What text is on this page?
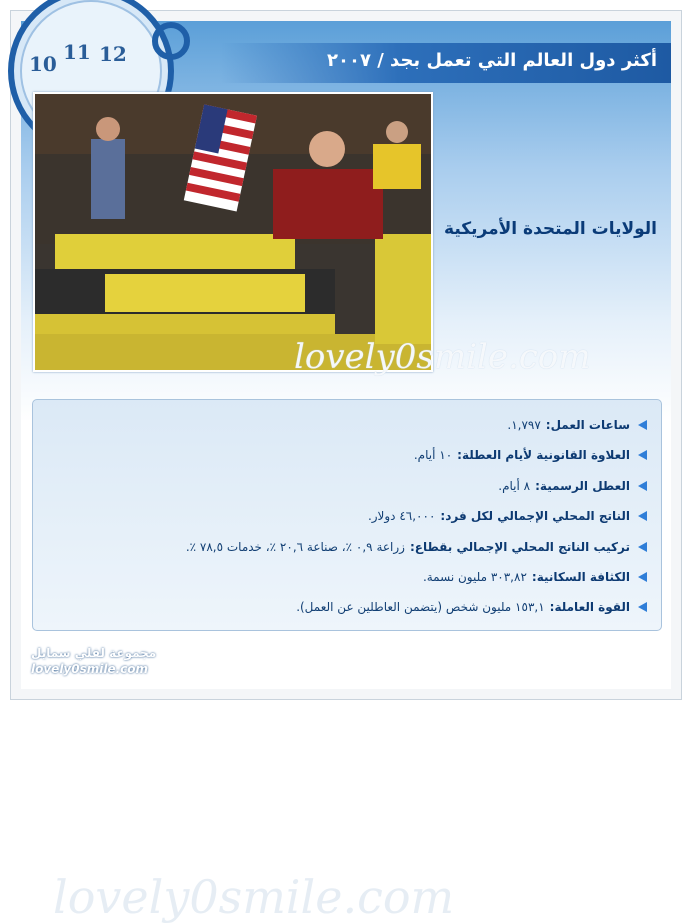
10 11 12	أكثر دول العالم التي تعمل بجد / ٢٠٠٧
الولايات المتحدة الأمريكية
lovely0smile.com
lovely0smile.com
ساعات العمل:
١,٧٩٧.
العلاوة القانونية لأيام العطلة:
١٠ أيام.
العطل الرسمية:
٨ أيام.
الناتج المحلي الإجمالي لكل فرد:
٤٦,٠٠٠ دولار.
تركيب الناتج المحلي الإجمالي بقطاع:
زراعة ٠,٩ ٪، صناعة ٢٠,٦ ٪، خدمات ٧٨,٥ ٪.
الكثافة السكانية:
٣٠٣,٨٢ مليون نسمة.
القوة العاملة:
١٥٣,١ مليون شخص (يتضمن العاطلين عن العمل).
مجموعة لفلي سمايل
lovely0smile.com
